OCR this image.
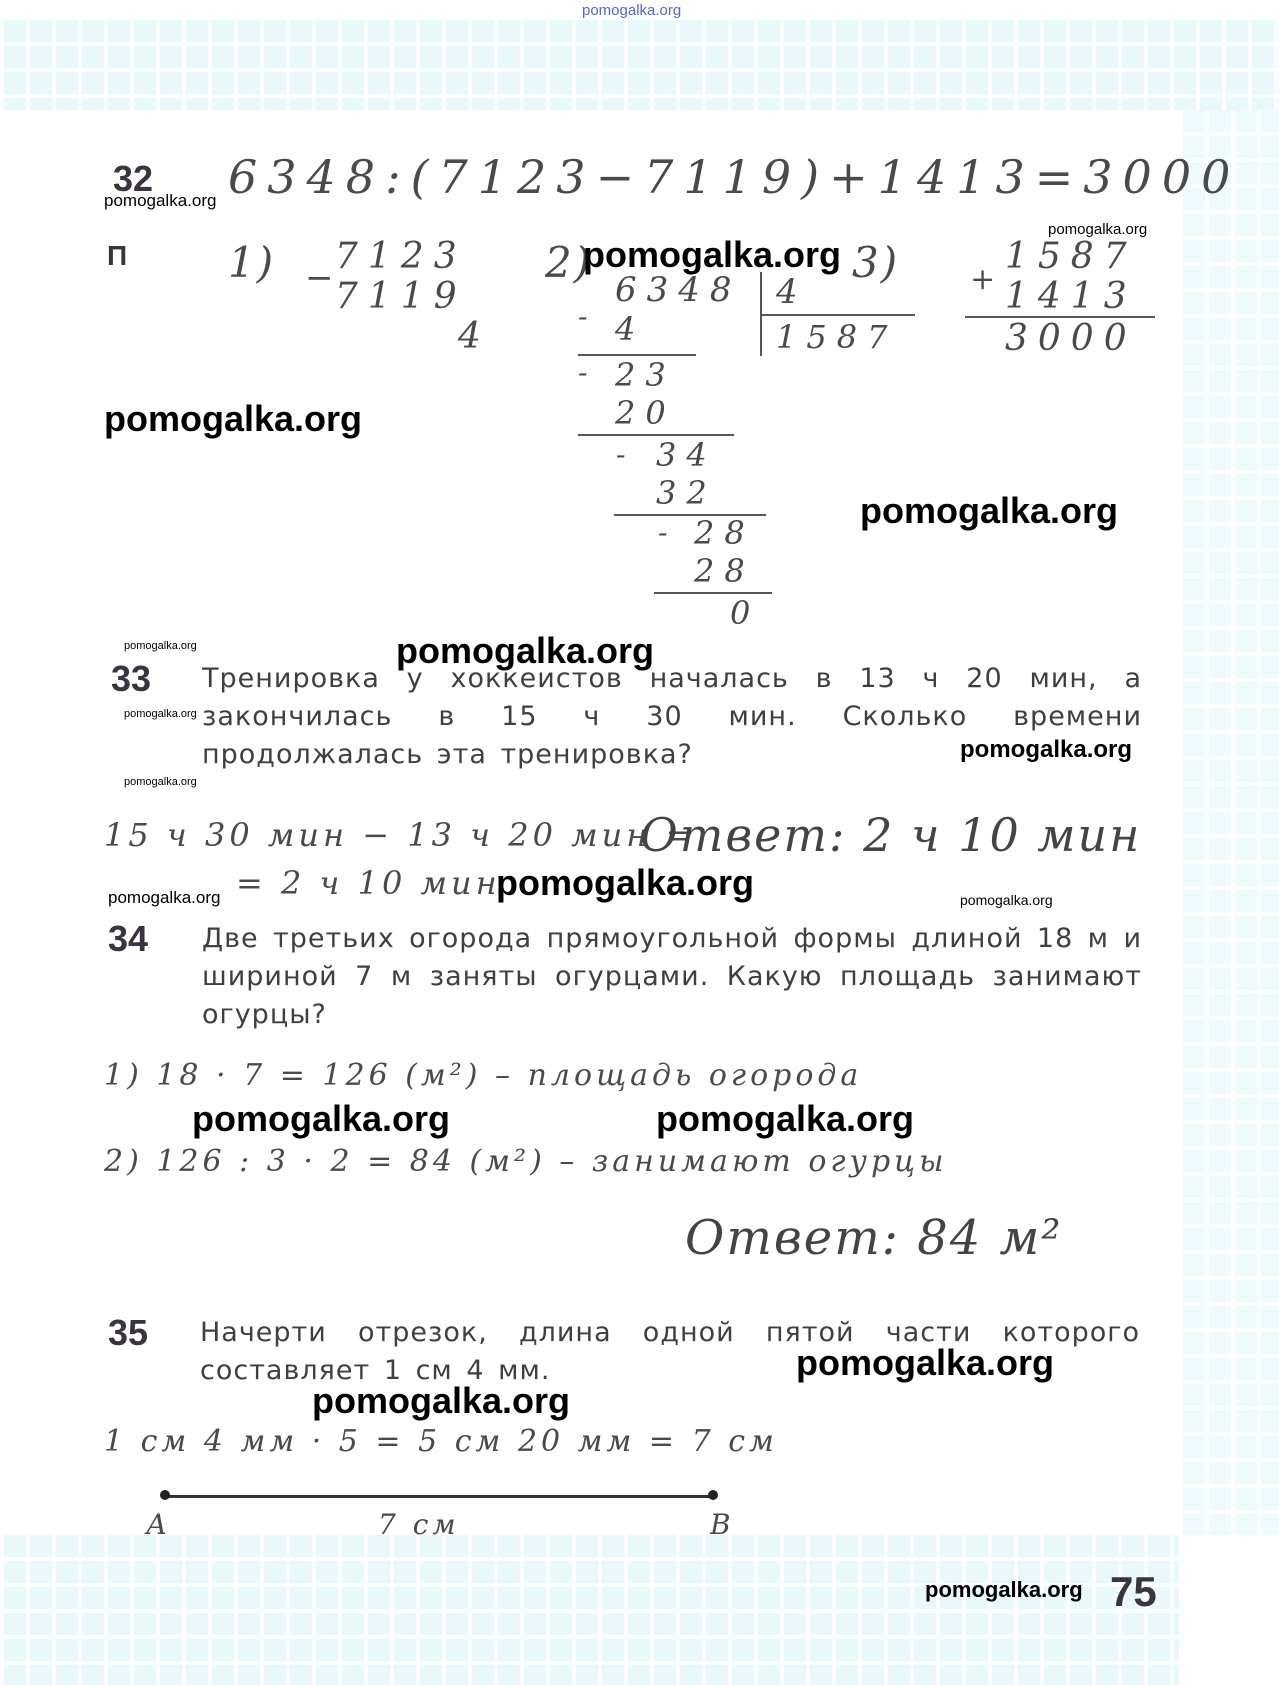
pomogalka.org
32
П
6348:(7123−7119)+1413=3000
1) −
7123
7119
4
2)
6348 4
1587
- 4
- 23
20
- 34
32
- 28
28
0
3) +
1587
1413
3000
33 Тренировка у хоккеистов началась в 13 ч 20 мин, а закончилась в 15 ч 30 мин. Сколько времени продолжалась эта тренировка?
15 ч 30 мин − 13 ч 20 мин =
= 2 ч 10 мин
Ответ: 2 ч 10 мин
34 Две третьих огорода прямоугольной формы длиной 18 м и шириной 7 м заняты огурцами. Какую площадь занимают огурцы?
1) 18 · 7 = 126 (м²) – площадь огорода
2) 126 : 3 · 2 = 84 (м²) – занимают огурцы
Ответ: 84 м²
35 Начерти отрезок, длина одной пятой части которого составляет 1 см 4 мм.
1 см 4 мм · 5 = 5 см 20 мм = 7 см
А	В
7 см
pomogalka.org
pomogalka.org
pomogalka.org
pomogalka.org
pomogalka.org
pomogalka.org	pomogalka.org
pomogalka.org
pomogalka.org
pomogalka.org
pomogalka.org	pomogalka.org	pomogalka.org
pomogalka.org	pomogalka.org
pomogalka.org
pomogalka.org
pomogalka.org 75
